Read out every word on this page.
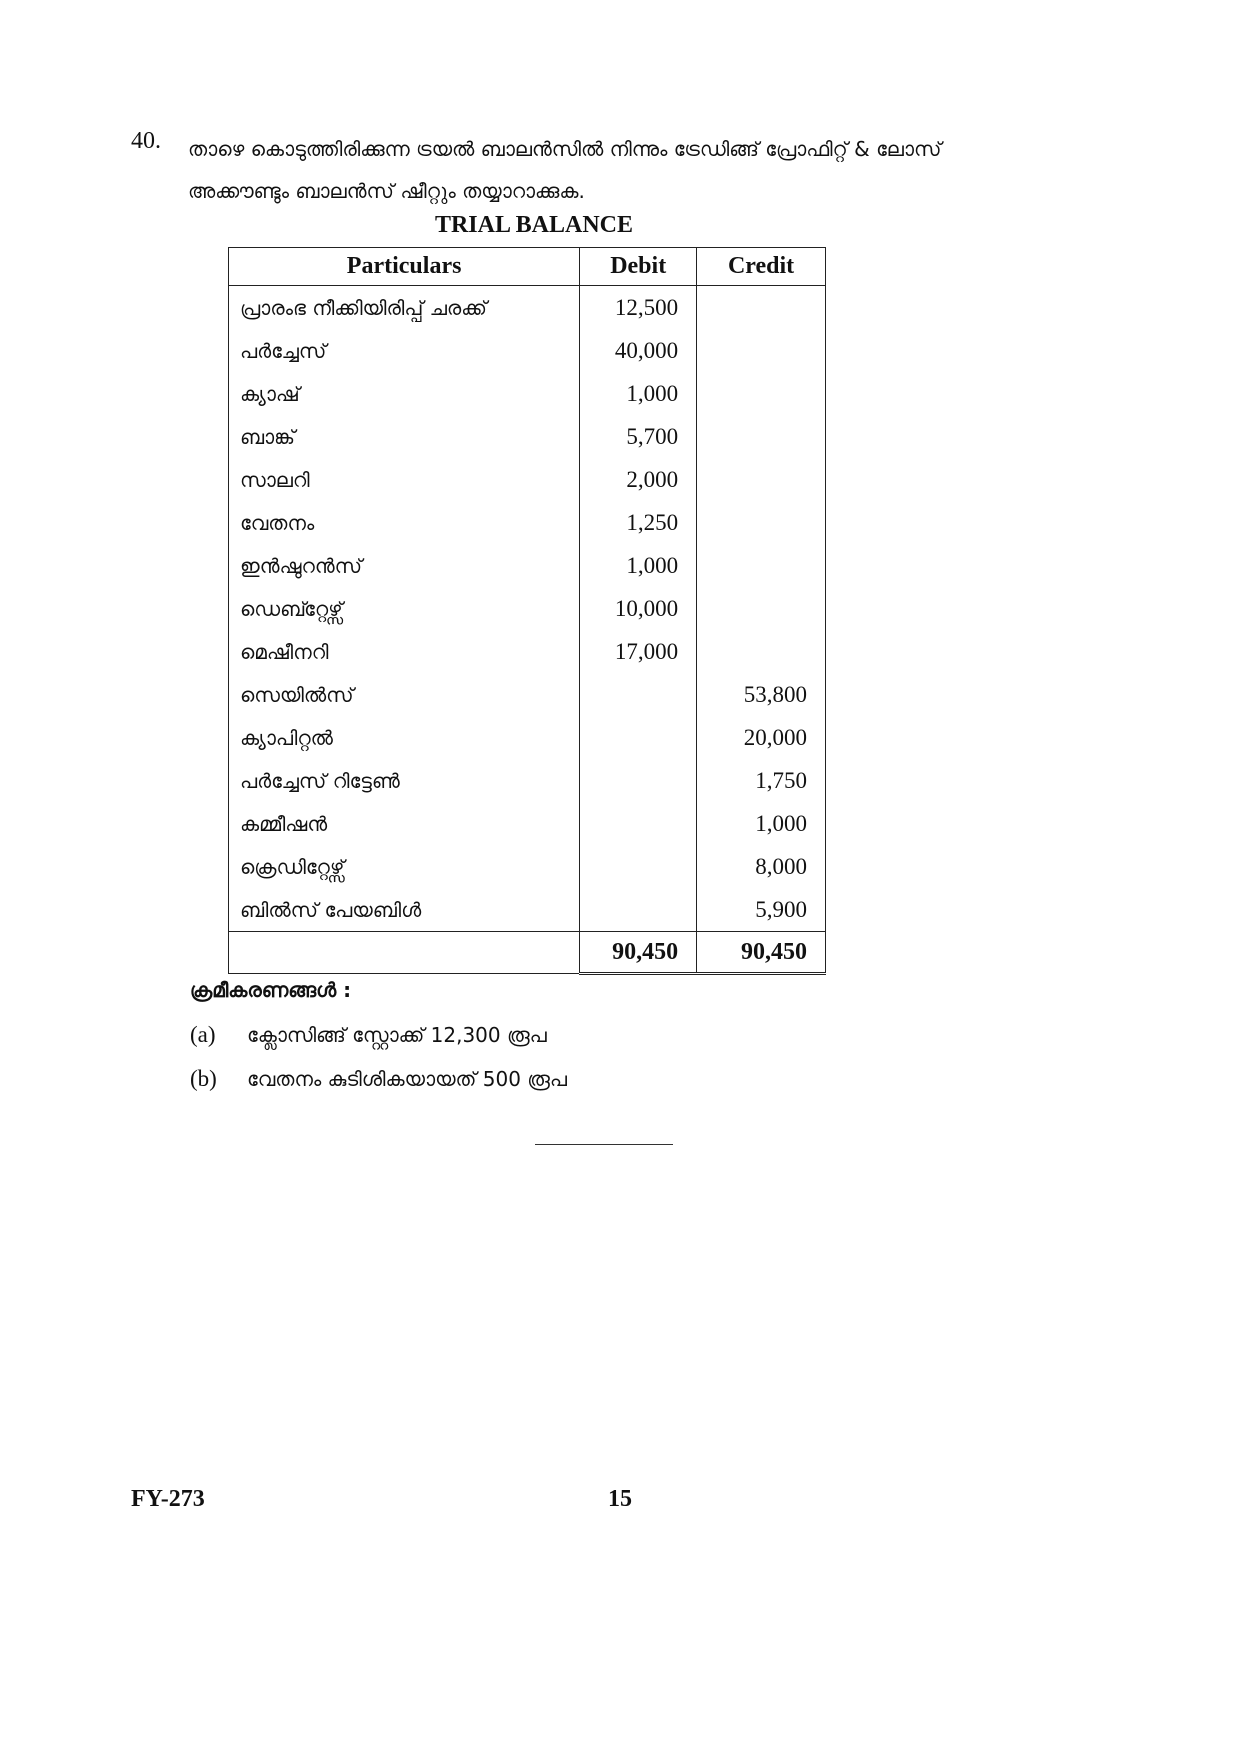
40. താഴെ കൊടുത്തിരിക്കുന്ന ട്രയൽ ബാലൻസിൽ നിന്നും ട്രേഡിങ്ങ് പ്രോഫിറ്റ് & ലോസ്
അക്കൗണ്ടും ബാലൻസ് ഷീറ്റും തയ്യാറാക്കുക.
TRIAL BALANCE
Particulars	Debit	Credit
പ്രാരംഭ നീക്കിയിരിപ്പ് ചരക്ക്	12,500	
പർച്ചേസ്	40,000	
ക്യാഷ്	1,000	
ബാങ്ക്	5,700	
സാലറി	2,000	
വേതനം	1,250	
ഇൻഷുറൻസ്	1,000	
ഡെബ്റ്റേഴ്സ്	10,000	
മെഷീനറി	17,000	
സെയിൽസ്		53,800
ക്യാപിറ്റൽ		20,000
പർച്ചേസ് റിട്ടേൺ		1,750
കമ്മീഷൻ		1,000
ക്രെഡിറ്റേഴ്സ്		8,000
ബിൽസ് പേയബിൾ		5,900
	90,450	90,450
ക്രമീകരണങ്ങൾ :
(a) ക്ലോസിങ്ങ് സ്റ്റോക്ക് 12,300 രൂപ
(b) വേതനം കുടിശികയായത് 500 രൂപ
FY-273	15
